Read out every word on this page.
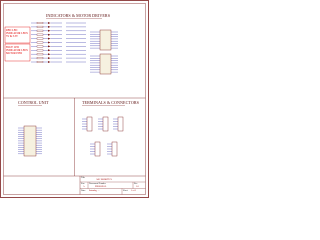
INDICATORS & MOTOR DRIVERS
CONTROL UNIT	TERMINALS & CONNECTORS
RED LED
INDICATOR LEDS
5V & 3.3V
BLUE LED
INDICATOR LEDS
MOTOR PINS
Title
ARC ROBOTICS
Size
A
Document Number
PERSONAL
Rev
1.0
Date: Saturday, ...	Sheet 1 of 1
